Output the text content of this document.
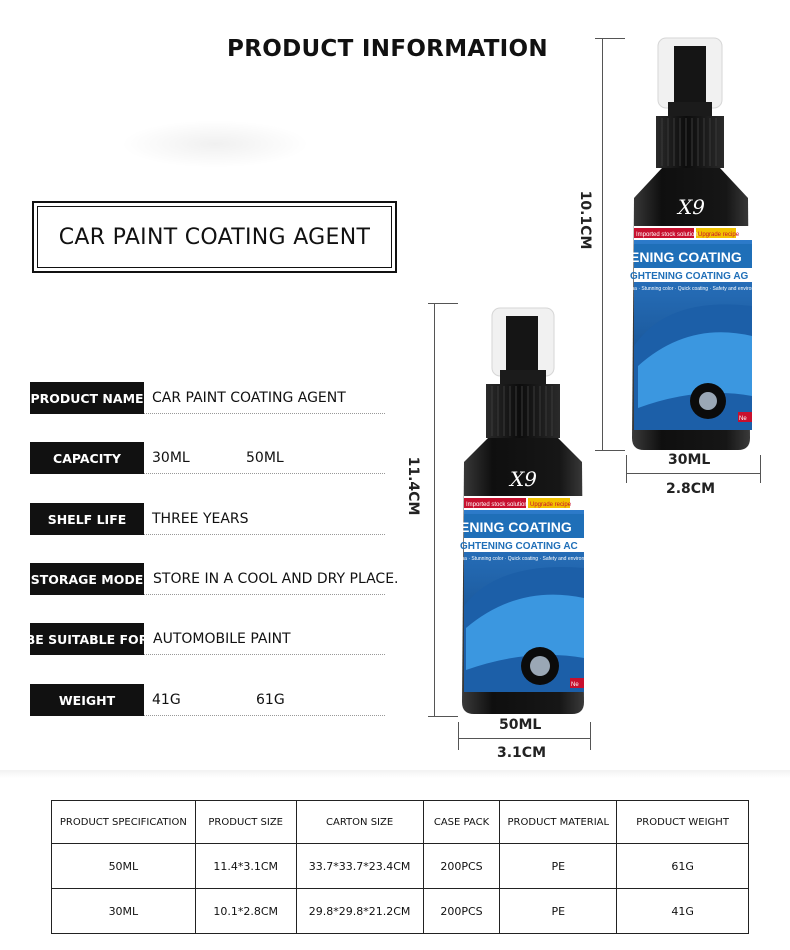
PRODUCT INFORMATION
CAR PAINT COATING AGENT
PRODUCT NAME CAR PAINT COATING AGENT
CAPACITY	30ML	50ML
SHELF LIFE	THREE YEARS
STORAGE MODE STORE IN A COOL AND DRY PLACE.
BE SUITABLE FOR AUTOMOBILE PAINT
WEIGHT	41G	61G
10.1CM
30ML
2.8CM
11.4CM
50ML
3.1CM
Imported stock solution Upgrade recipe
X9
ENING COATING
GHTENING COATING AG
ma · Stunning color · Quick coating · Safety and environ
Ne
Imported stock solution Upgrade recipe
X9
ENING COATING
GHTENING COATING AC
ma · Stunning color · Quick coating · Safety and environ
Ne
PRODUCT SPECIFICATION	PRODUCT SIZE	CARTON SIZE	CASE PACK	PRODUCT MATERIAL	PRODUCT WEIGHT
50ML	11.4*3.1CM	33.7*33.7*23.4CM	200PCS	PE	61G
30ML	10.1*2.8CM	29.8*29.8*21.2CM	200PCS	PE	41G
